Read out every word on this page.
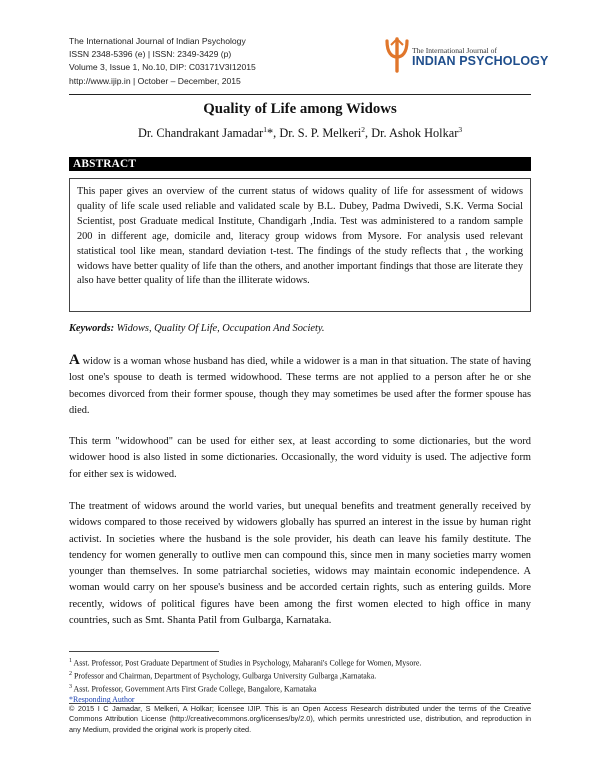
The International Journal of Indian Psychology
ISSN 2348-5396 (e) | ISSN: 2349-3429 (p)
Volume 3, Issue 1, No.10, DIP: C03171V3I12015
http://www.ijip.in | October – December, 2015
The International Journal of
INDIAN PSYCHOLOGY
Quality of Life among Widows
Dr. Chandrakant Jamadar$^1$*, Dr. S. P. Melkeri$^2$, Dr. Ashok Holkar$^3$
ABSTRACT

This paper gives an overview of the current status of widows quality of life for assessment of widows quality of life scale used reliable and validated scale by B.L. Dubey, Padma Dwivedi, S.K. Verma Social Scientist, post Graduate medical Institute, Chandigarh ,India. Test was administered to a random sample 200 in different age, domicile and, literacy group widows from Mysore. For analysis used relevant statistical tool like mean, standard deviation t-test. The findings of the study reflects that , the working widows have better quality of life than the others, and another important findings that those are literate they also have better quality of life than the illiterate widows.

Keywords: Widows, Quality Of Life, Occupation And Society.

A widow is a woman whose husband has died, while a widower is a man in that situation. The state of having lost one's spouse to death is termed widowhood. These terms are not applied to a person after he or she becomes divorced from their former spouse, though they may sometimes be used after the former spouse has died.

This term "widowhood" can be used for either sex, at least according to some dictionaries, but the word widower hood is also listed in some dictionaries. Occasionally, the word viduity is used. The adjective form for either sex is widowed.

The treatment of widows around the world varies, but unequal benefits and treatment generally received by widows compared to those received by widowers globally has spurred an interest in the issue by human right activist. In societies where the husband is the sole provider, his death can leave his family destitute. The tendency for women generally to outlive men can compound this, since men in many societies marry women younger than themselves. In some patriarchal societies, widows may maintain economic independence. A woman would carry on her spouse's business and be accorded certain rights, such as entering guilds. More recently, widows of political figures have been among the first women elected to high office in many countries, such as Smt. Shanta Patil from Gulbarga, Karnataka.

$^1$ Asst. Professor, Post Graduate Department of Studies in Psychology, Maharani's College for Women, Mysore.
$^2$ Professor and Chairman, Department of Psychology, Gulbarga University Gulbarga ,Karnataka.
$^3$ Asst. Professor, Government Arts First Grade College, Bangalore, Karnataka
*Responding Author

© 2015 I C Jamadar, S Melkeri, A Holkar; licensee IJIP. This is an Open Access Research distributed under the terms of the Creative Commons Attribution License (http://creativecommons.org/licenses/by/2.0), which permits unrestricted use, distribution, and reproduction in any Medium, provided the original work is properly cited.
